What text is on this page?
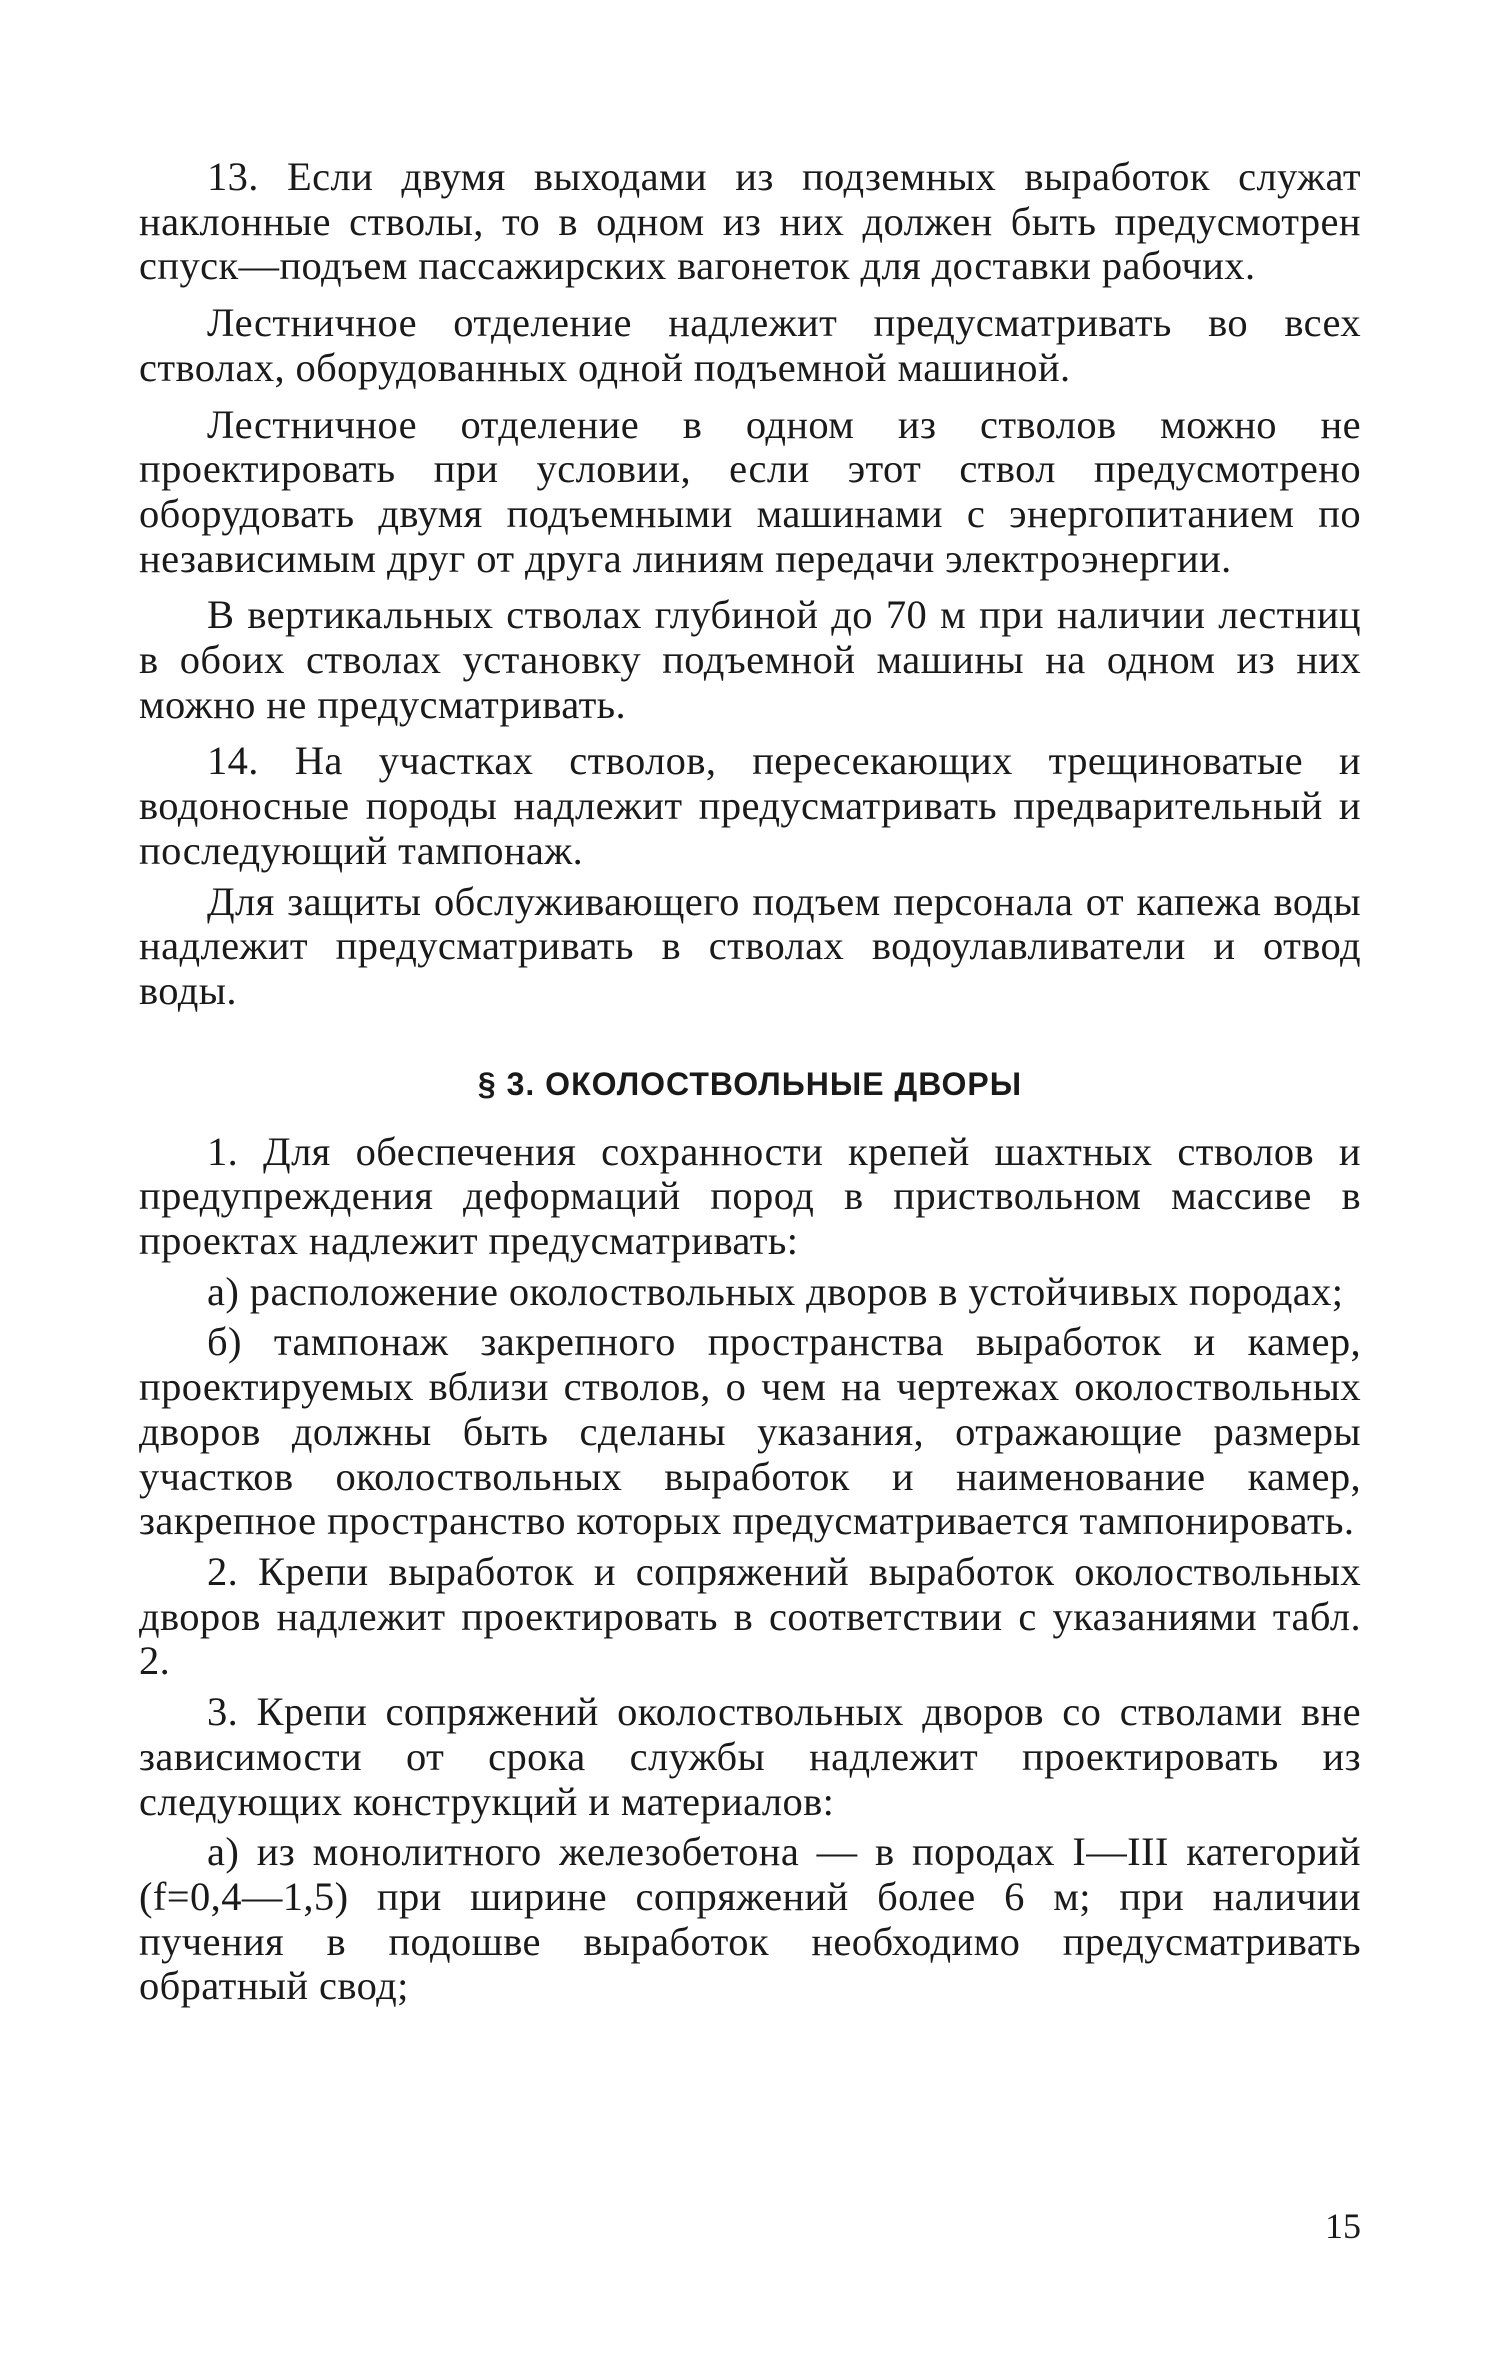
13. Если двумя выходами из подземных выработок служат наклонные стволы, то в одном из них должен быть предусмотрен спуск—подъем пассажирских вагонеток для доставки рабочих.

Лестничное отделение надлежит предусматривать во всех стволах, оборудованных одной подъемной машиной.

Лестничное отделение в одном из стволов можно не проектировать при условии, если этот ствол предусмотрено оборудовать двумя подъемными машинами с энергопитанием по независимым друг от друга линиям передачи электроэнергии.

В вертикальных стволах глубиной до 70 м при наличии лестниц в обоих стволах установку подъемной машины на одном из них можно не предусматривать.

14. На участках стволов, пересекающих трещиноватые и водоносные породы надлежит предусматривать предварительный и последующий тампонаж.

Для защиты обслуживающего подъем персонала от капежа воды надлежит предусматривать в стволах водоулавливатели и отвод воды.

§ 3. ОКОЛОСТВОЛЬНЫЕ ДВОРЫ

1. Для обеспечения сохранности крепей шахтных стволов и предупреждения деформаций пород в приствольном массиве в проектах надлежит предусматривать:

а) расположение околоствольных дворов в устойчивых породах;

б) тампонаж закрепного пространства выработок и камер, проектируемых вблизи стволов, о чем на чертежах околоствольных дворов должны быть сделаны указания, отражающие размеры участков околоствольных выработок и наименование камер, закрепное пространство которых предусматривается тампонировать.

2. Крепи выработок и сопряжений выработок околоствольных дворов надлежит проектировать в соответствии с указаниями табл. 2.

3. Крепи сопряжений околоствольных дворов со стволами вне зависимости от срока службы надлежит проектировать из следующих конструкций и материалов:

а) из монолитного железобетона — в породах I—III категорий (f=0,4—1,5) при ширине сопряжений более 6 м; при наличии пучения в подошве выработок необходимо предусматривать обратный свод;

15
